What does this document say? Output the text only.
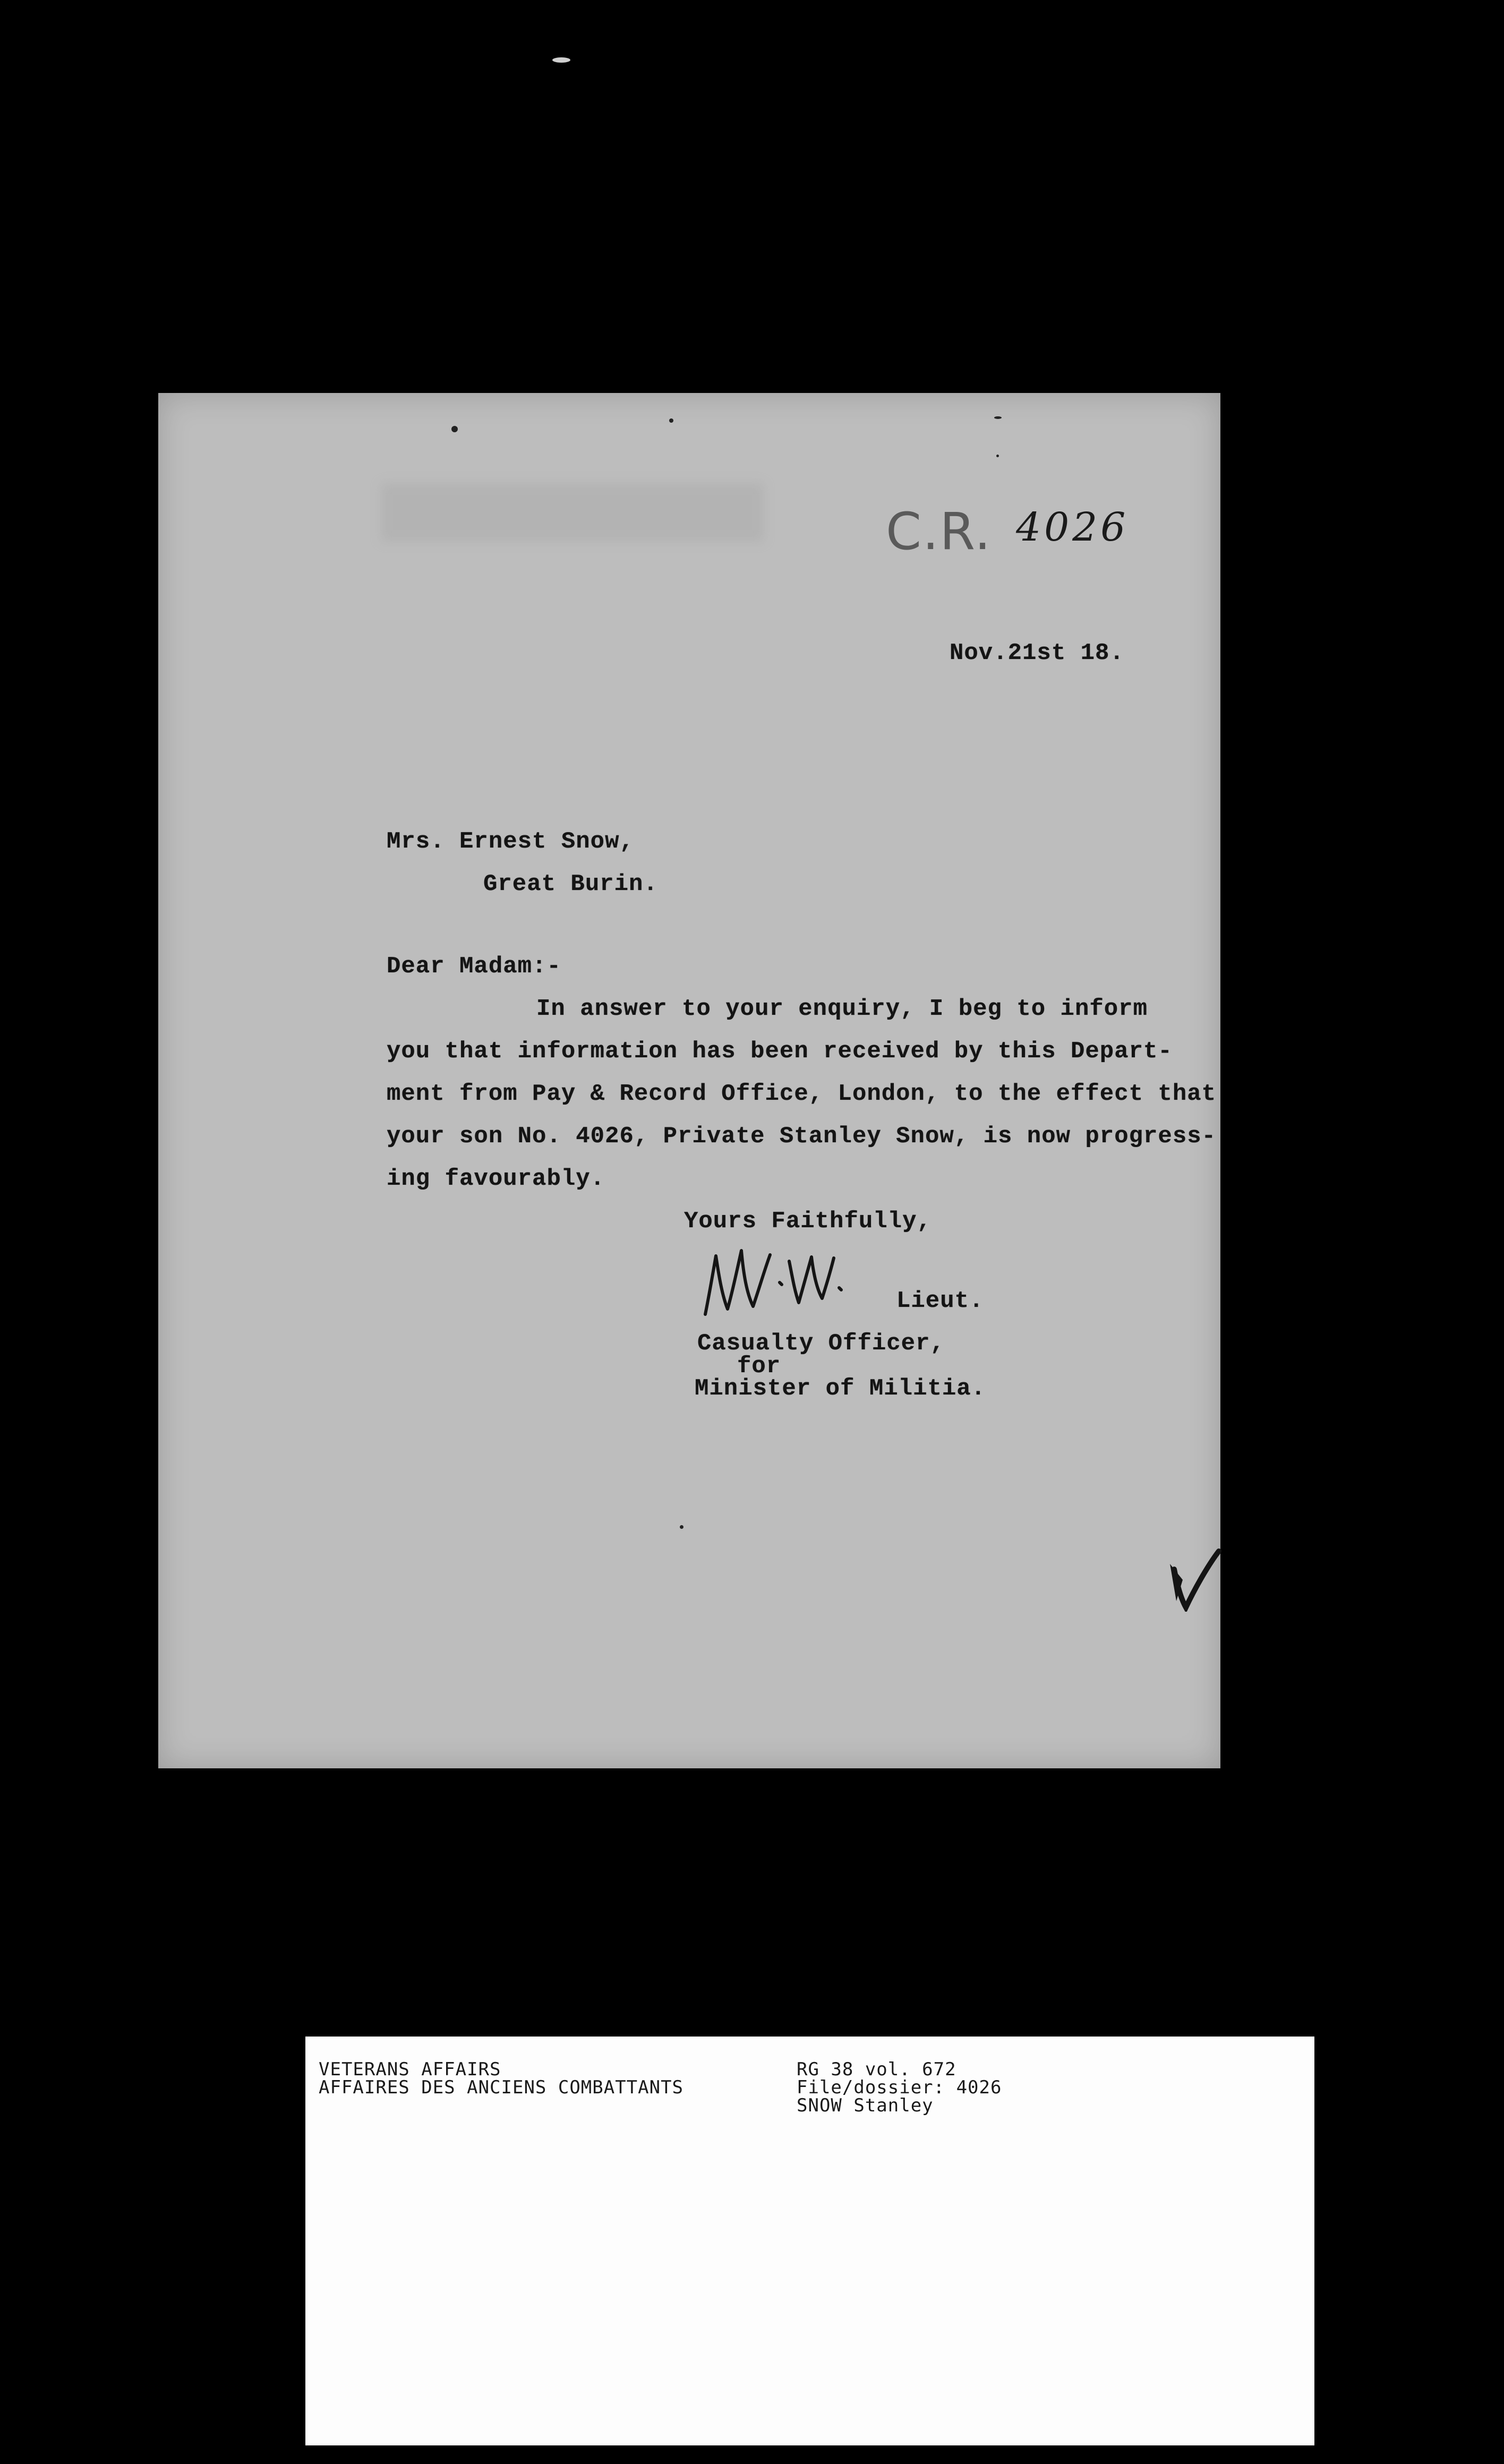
C.R. 4026
Nov.21st 18.
Mrs. Ernest Snow,
Great Burin.
Dear Madam:-
In answer to your enquiry, I beg to inform
you that information has been received by this Depart-
ment from Pay & Record Office, London, to the effect that
your son No. 4026, Private Stanley Snow, is now progress-
ing favourably.
Yours Faithfully,
Lieut.
Casualty Officer,
for
Minister of Militia.
VETERANS AFFAIRS
AFFAIRES DES ANCIENS COMBATTANTS
RG 38 vol. 672
File/dossier: 4026
SNOW Stanley
